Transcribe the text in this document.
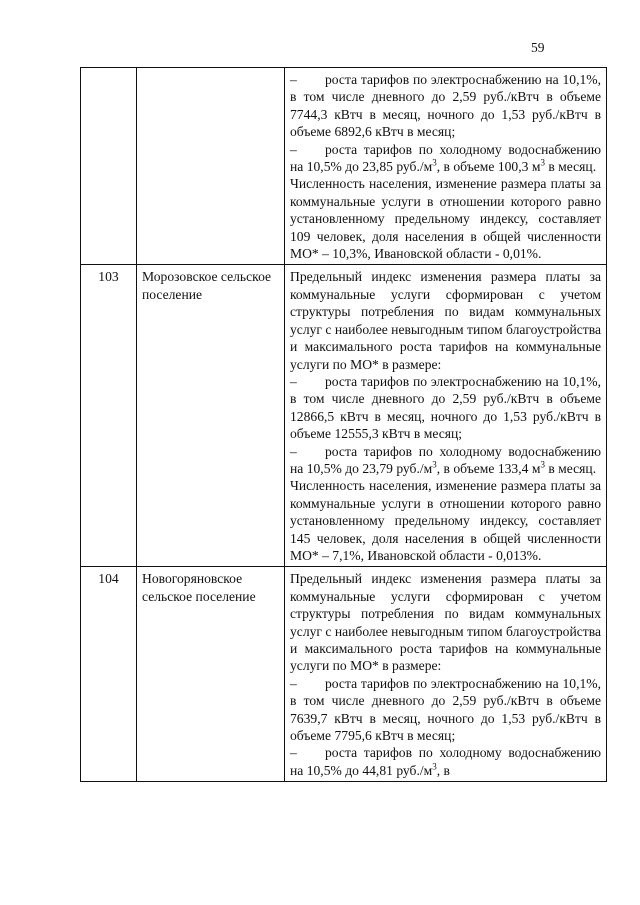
59

		– роста тарифов по электроснабжению на 10,1%, в том числе дневного до 2,59 руб./кВтч в объеме 7744,3 кВтч в месяц, ночного до 1,53 руб./кВтч в объеме 6892,6 кВтч в месяц;

– роста тарифов по холодному водоснабжению на 10,5% до 23,85 $руб./м^3$, в объеме 100,3 $м^3$ в месяц.

Численность населения, изменение размера платы за коммунальные услуги в отношении которого равно установленному предельному индексу, составляет 109 человек, доля населения в общей численности МО* – 10,3%, Ивановской области - 0,01%.

103	Морозовское сельское поселение	Предельный индекс изменения размера платы за коммунальные услуги сформирован с учетом структуры потребления по видам коммунальных услуг с наиболее невыгодным типом благоустройства и максимального роста тарифов на коммунальные услуги по МО* в размере:

– роста тарифов по электроснабжению на 10,1%, в том числе дневного до 2,59 руб./кВтч в объеме 12866,5 кВтч в месяц, ночного до 1,53 руб./кВтч в объеме 12555,3 кВтч в месяц;

– роста тарифов по холодному водоснабжению на 10,5% до 23,79 $руб./м^3$, в объеме 133,4 $м^3$ в месяц.

Численность населения, изменение размера платы за коммунальные услуги в отношении которого равно установленному предельному индексу, составляет 145 человек, доля населения в общей численности МО* – 7,1%, Ивановской области - 0,013%.

104	Новогоряновское сельское поселение	Предельный индекс изменения размера платы за коммунальные услуги сформирован с учетом структуры потребления по видам коммунальных услуг с наиболее невыгодным типом благоустройства и максимального роста тарифов на коммунальные услуги по МО* в размере:

– роста тарифов по электроснабжению на 10,1%, в том числе дневного до 2,59 руб./кВтч в объеме 7639,7 кВтч в месяц, ночного до 1,53 руб./кВтч в объеме 7795,6 кВтч в месяц;

– роста тарифов по холодному водоснабжению на 10,5% до 44,81 $руб./м^3$, в
